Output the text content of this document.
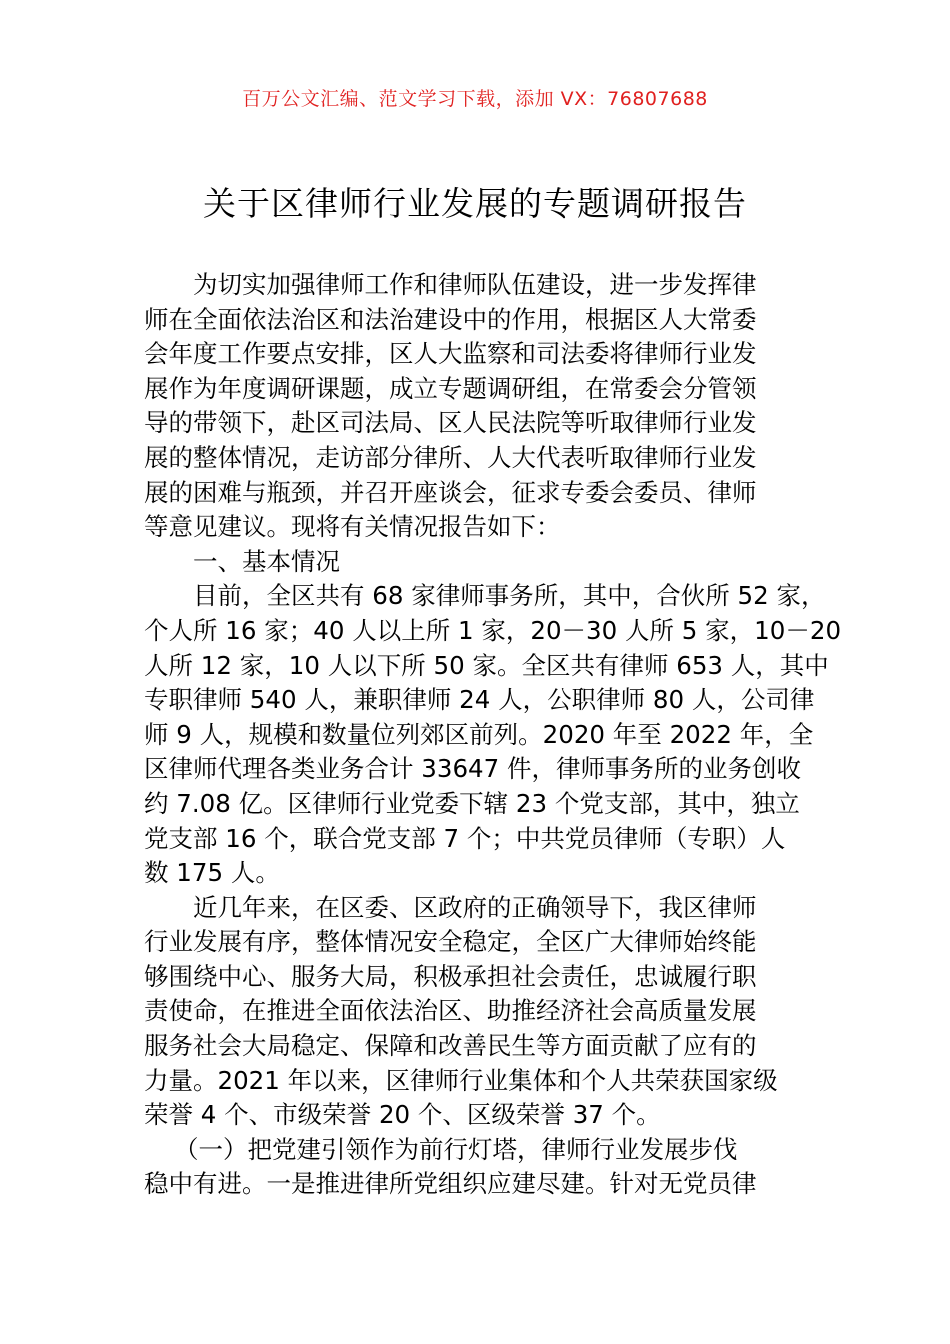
百万公文汇编、范文学习下载，添加 VX：76807688
关于区律师行业发展的专题调研报告
为切实加强律师工作和律师队伍建设，进一步发挥律
师在全面依法治区和法治建设中的作用，根据区人大常委
会年度工作要点安排，区人大监察和司法委将律师行业发
展作为年度调研课题，成立专题调研组，在常委会分管领
导的带领下，赴区司法局、区人民法院等听取律师行业发
展的整体情况，走访部分律所、人大代表听取律师行业发
展的困难与瓶颈，并召开座谈会，征求专委会委员、律师
等意见建议。现将有关情况报告如下：
一、基本情况
目前，全区共有 68 家律师事务所，其中，合伙所 52 家，
个人所 16 家；40 人以上所 1 家，20－30 人所 5 家，10－20
人所 12 家，10 人以下所 50 家。全区共有律师 653 人，其中
专职律师 540 人，兼职律师 24 人，公职律师 80 人，公司律
师 9 人，规模和数量位列郊区前列。2020 年至 2022 年，全
区律师代理各类业务合计 33647 件，律师事务所的业务创收
约 7.08 亿。区律师行业党委下辖 23 个党支部，其中，独立
党支部 16 个，联合党支部 7 个；中共党员律师（专职）人
数 175 人。
近几年来，在区委、区政府的正确领导下，我区律师
行业发展有序，整体情况安全稳定，全区广大律师始终能
够围绕中心、服务大局，积极承担社会责任，忠诚履行职
责使命，在推进全面依法治区、助推经济社会高质量发展
服务社会大局稳定、保障和改善民生等方面贡献了应有的
力量。2021 年以来，区律师行业集体和个人共荣获国家级
荣誉 4 个、市级荣誉 20 个、区级荣誉 37 个。
（一）把党建引领作为前行灯塔，律师行业发展步伐
稳中有进。一是推进律所党组织应建尽建。针对无党员律
